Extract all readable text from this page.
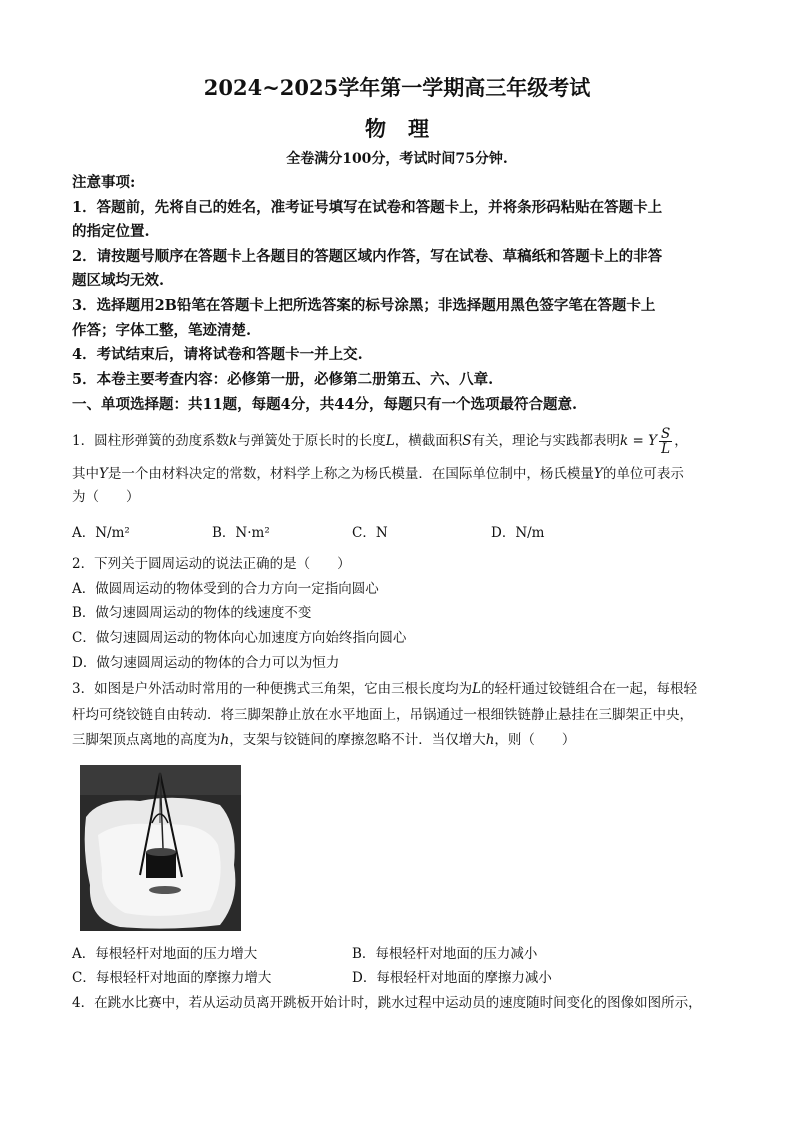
2024~2025学年第一学期高三年级考试
物理
全卷满分100分，考试时间75分钟.
注意事项:
1．答题前，先将自己的姓名，准考证号填写在试卷和答题卡上，并将条形码粘贴在答题卡上
的指定位置.
2．请按题号顺序在答题卡上各题目的答题区域内作答，写在试卷、草稿纸和答题卡上的非答
题区域均无效.
3．选择题用2B铅笔在答题卡上把所选答案的标号涂黑；非选择题用黑色签字笔在答题卡上
作答；字体工整，笔迹清楚.
4．考试结束后，请将试卷和答题卡一并上交.
5．本卷主要考查内容：必修第一册，必修第二册第五、六、八章.
一、单项选择题：共11题，每题4分，共44分，每题只有一个选项最符合题意.
1．圆柱形弹簧的劲度系数k与弹簧处于原长时的长度L，横截面积S有关，理论与实践都表明k = Y $\frac{S}{L}$ ，
其中Y是一个由材料决定的常数，材料学上称之为杨氏模量．在国际单位制中，杨氏模量Y的单位可表示
为（　　）
A．N/m²	B．N·m²	C．N	D．N/m
2．下列关于圆周运动的说法正确的是（　　）
A．做圆周运动的物体受到的合力方向一定指向圆心
B．做匀速圆周运动的物体的线速度不变
C．做匀速圆周运动的物体向心加速度方向始终指向圆心
D．做匀速圆周运动的物体的合力可以为恒力
3．如图是户外活动时常用的一种便携式三角架，它由三根长度均为L的轻杆通过铰链组合在一起，每根轻
杆均可绕铰链自由转动．将三脚架静止放在水平地面上，吊锅通过一根细铁链静止悬挂在三脚架正中央，
三脚架顶点离地的高度为h，支架与铰链间的摩擦忽略不计．当仅增大h，则（　　）
A．每根轻杆对地面的压力增大	B．每根轻杆对地面的压力减小
C．每根轻杆对地面的摩擦力增大	D．每根轻杆对地面的摩擦力减小
4．在跳水比赛中，若从运动员离开跳板开始计时，跳水过程中运动员的速度随时间变化的图像如图所示，
